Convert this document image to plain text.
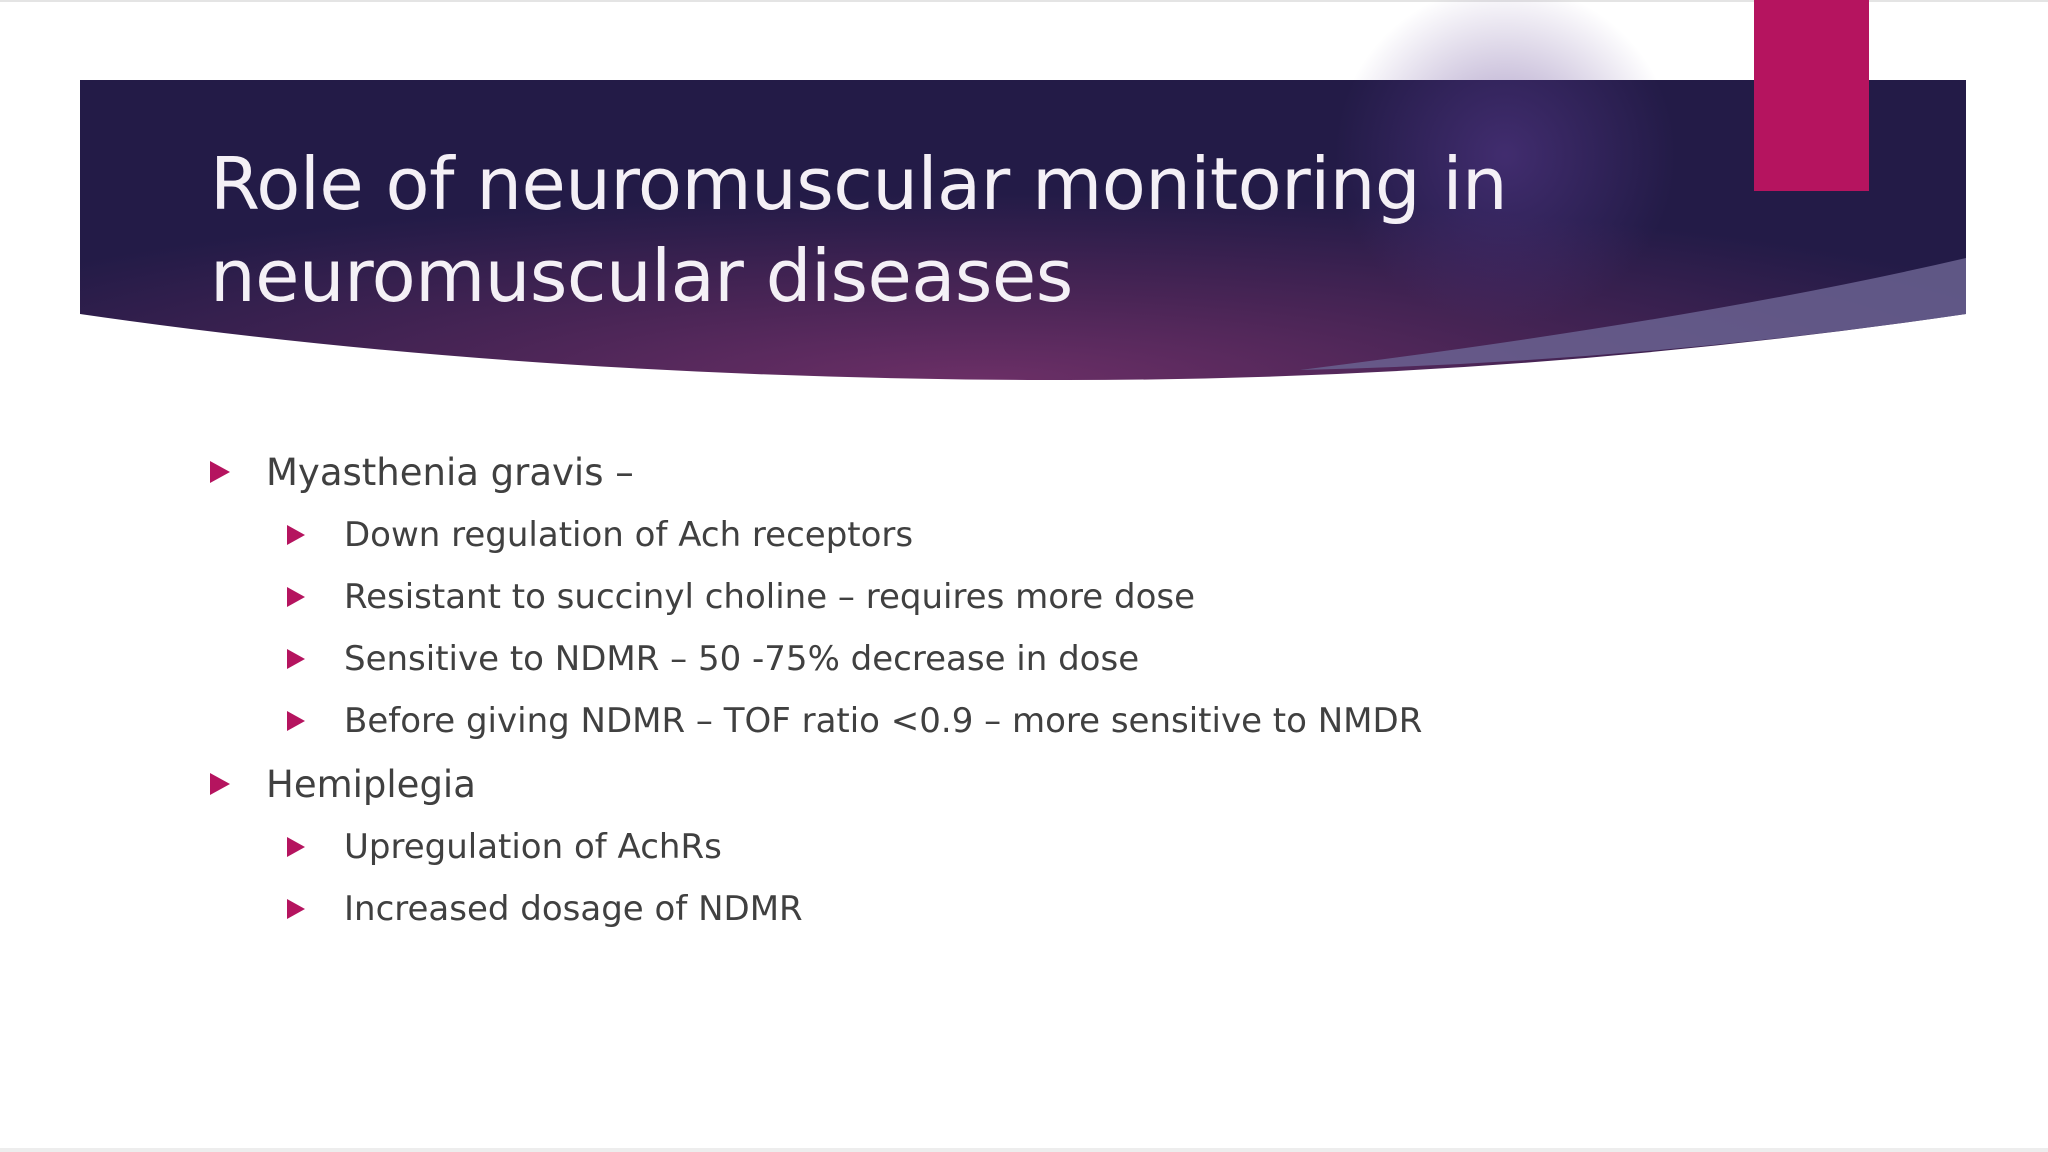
Role of neuromuscular monitoring in
neuromuscular diseases
Myasthenia gravis –
Down regulation of Ach receptors
Resistant to succinyl choline – requires more dose
Sensitive to NDMR – 50 -75% decrease in dose
Before giving NDMR – TOF ratio <0.9 – more sensitive to NMDR
Hemiplegia
Upregulation of AchRs
Increased dosage of NDMR
